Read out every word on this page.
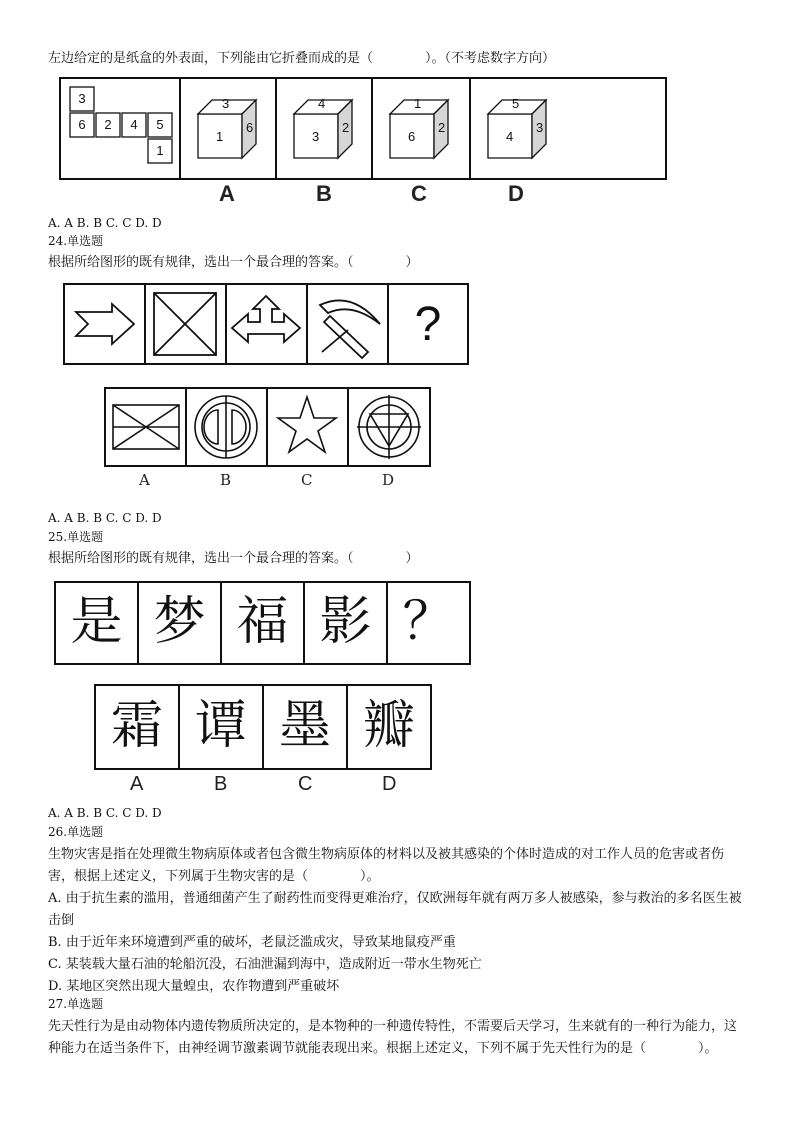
左边给定的是纸盒的外表面，下列能由它折叠而成的是（　　　　）。（不考虑数字方向）
3
6	2	4	5
1
3
1
6
4
3
2
1
6
2
5
4
3
A	B	C	D
A. A B. B C. C D. D
24.单选题
根据所给图形的既有规律，选出一个最合理的答案。（　　　　）
?
A	B	C	D
A. A B. B C. C D. D
25.单选题
根据所给图形的既有规律，选出一个最合理的答案。（　　　　）
是 梦 福 影 ？
霜 谭 墨 瓣
A	B	C	D
A. A B. B C. C D. D
26.单选题
生物灾害是指在处理微生物病原体或者包含微生物病原体的材料以及被其感染的个体时造成的对工作人员的危害或者伤害，根据上述定义，下列属于生物灾害的是（　　　　）。
A. 由于抗生素的滥用，普通细菌产生了耐药性而变得更难治疗，仅欧洲每年就有两万多人被感染，参与救治的多名医生被击倒
B. 由于近年来环境遭到严重的破坏，老鼠泛滥成灾，导致某地鼠疫严重
C. 某装载大量石油的轮船沉没，石油泄漏到海中，造成附近一带水生物死亡
D. 某地区突然出现大量蝗虫，农作物遭到严重破坏
27.单选题
先天性行为是由动物体内遗传物质所决定的，是本物种的一种遗传特性，不需要后天学习，生来就有的一种行为能力，这种能力在适当条件下，由神经调节激素调节就能表现出来。根据上述定义，下列不属于先天性行为的是（　　　　）。
